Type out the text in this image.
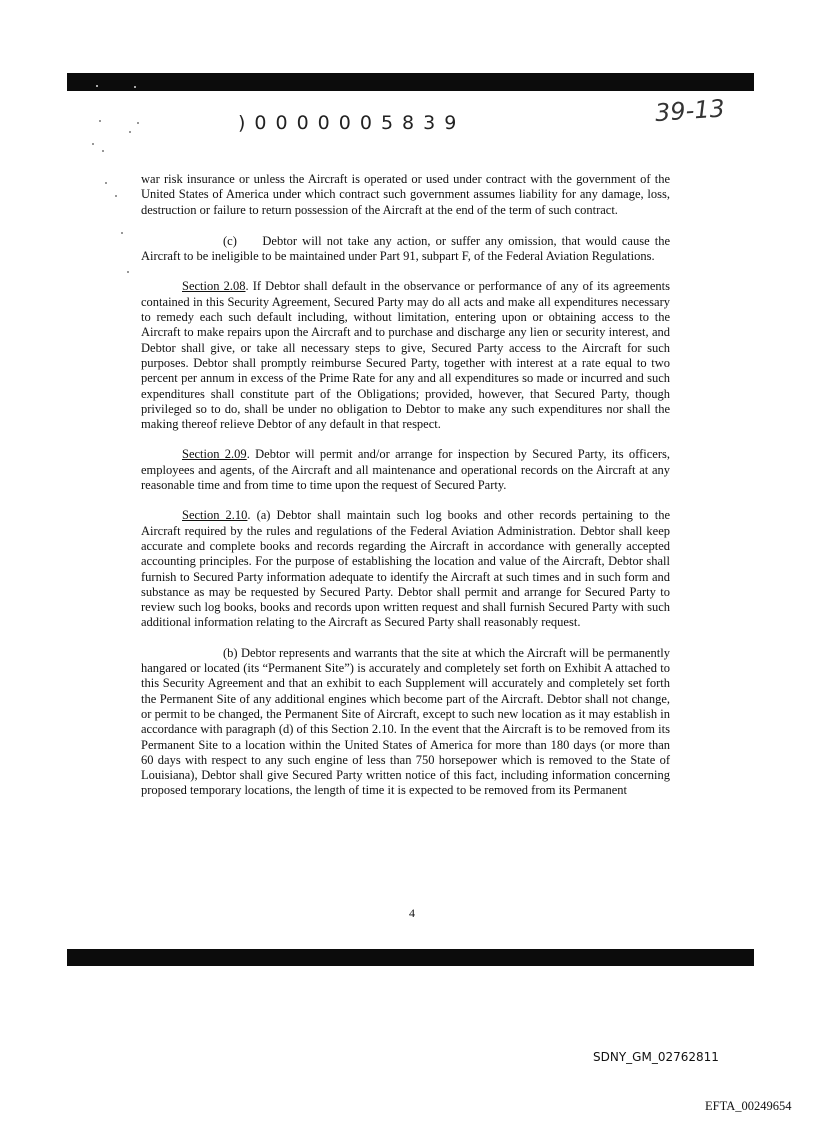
)0000005839	39-13

war risk insurance or unless the Aircraft is operated or used under contract with the government of the United States of America under which contract such government assumes liability for any damage, loss, destruction or failure to return possession of the Aircraft at the end of the term of such contract.

(c)     Debtor will not take any action, or suffer any omission, that would cause the Aircraft to be ineligible to be maintained under Part 91, subpart F, of the Federal Aviation Regulations.

Section 2.08. If Debtor shall default in the observance or performance of any of its agreements contained in this Security Agreement, Secured Party may do all acts and make all expenditures necessary to remedy each such default including, without limitation, entering upon or obtaining access to the Aircraft to make repairs upon the Aircraft and to purchase and discharge any lien or security interest, and Debtor shall give, or take all necessary steps to give, Secured Party access to the Aircraft for such purposes. Debtor shall promptly reimburse Secured Party, together with interest at a rate equal to two percent per annum in excess of the Prime Rate for any and all expenditures so made or incurred and such expenditures shall constitute part of the Obligations; provided, however, that Secured Party, though privileged so to do, shall be under no obligation to Debtor to make any such expenditures nor shall the making thereof relieve Debtor of any default in that respect.

Section 2.09. Debtor will permit and/or arrange for inspection by Secured Party, its officers, employees and agents, of the Aircraft and all maintenance and operational records on the Aircraft at any reasonable time and from time to time upon the request of Secured Party.

Section 2.10. (a) Debtor shall maintain such log books and other records pertaining to the Aircraft required by the rules and regulations of the Federal Aviation Administration. Debtor shall keep accurate and complete books and records regarding the Aircraft in accordance with generally accepted accounting principles. For the purpose of establishing the location and value of the Aircraft, Debtor shall furnish to Secured Party information adequate to identify the Aircraft at such times and in such form and substance as may be requested by Secured Party. Debtor shall permit and arrange for Secured Party to review such log books, books and records upon written request and shall furnish Secured Party with such additional information relating to the Aircraft as Secured Party shall reasonably request.

(b) Debtor represents and warrants that the site at which the Aircraft will be permanently hangared or located (its “Permanent Site”) is accurately and completely set forth on Exhibit A attached to this Security Agreement and that an exhibit to each Supplement will accurately and completely set forth the Permanent Site of any additional engines which become part of the Aircraft. Debtor shall not change, or permit to be changed, the Permanent Site of Aircraft, except to such new location as it may establish in accordance with paragraph (d) of this Section 2.10. In the event that the Aircraft is to be removed from its Permanent Site to a location within the United States of America for more than 180 days (or more than 60 days with respect to any such engine of less than 750 horsepower which is removed to the State of Louisiana), Debtor shall give Secured Party written notice of this fact, including information concerning proposed temporary locations, the length of time it is expected to be removed from its Permanent

4
SDNY_GM_02762811
EFTA_00249654
